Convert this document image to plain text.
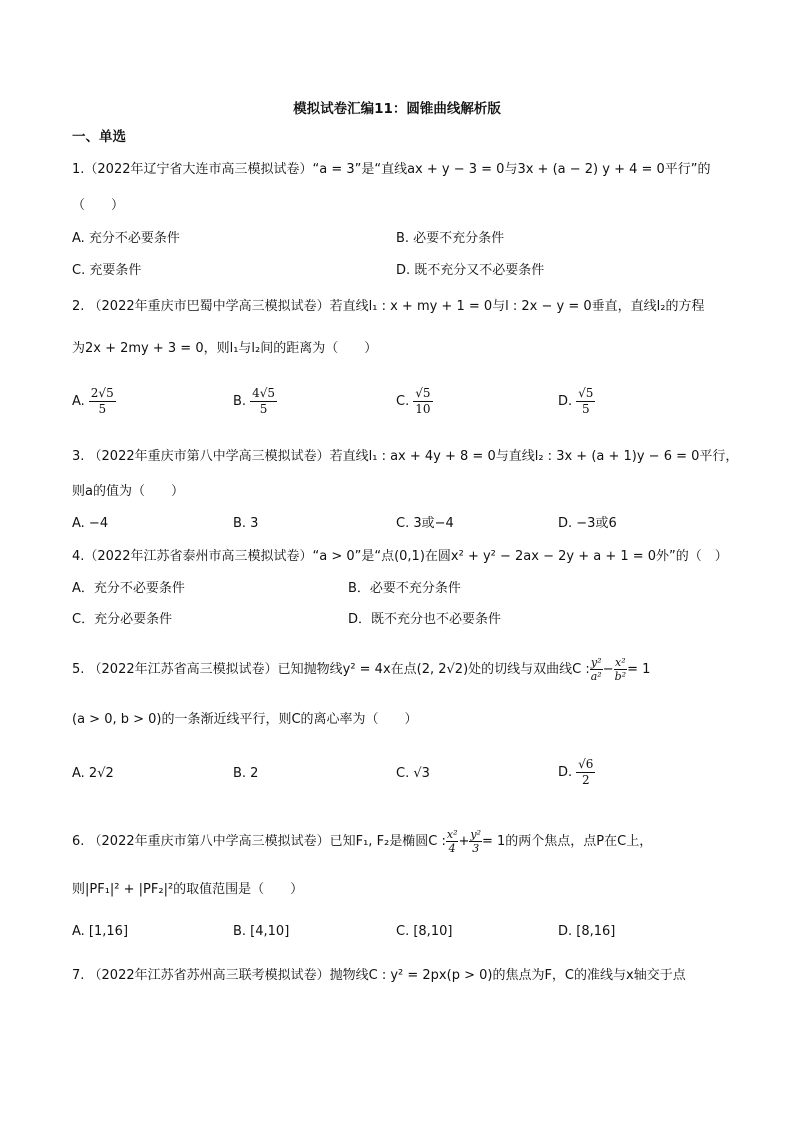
模拟试卷汇编11：圆锥曲线解析版
一、单选
1.（2022年辽宁省大连市高三模拟试卷）“a = 3”是“直线ax + y − 3 = 0与3x + (a − 2) y + 4 = 0平行”的
（　　）
A. 充分不必要条件	B. 必要不充分条件
C. 充要条件	D. 既不充分又不必要条件
2. （2022年重庆市巴蜀中学高三模拟试卷）若直线l₁ : x + my + 1 = 0与l : 2x − y = 0垂直，直线l₂的方程
为2x + 2my + 3 = 0，则l₁与l₂间的距离为（　　）
A. $\frac{2√5}{5}$	B. $\frac{4√5}{5}$	C. $\frac{√5}{10}$	D. $\frac{√5}{5}$
3. （2022年重庆市第八中学高三模拟试卷）若直线l₁ : ax + 4y + 8 = 0与直线l₂ : 3x + (a + 1)y − 6 = 0平行，
则a的值为（　　）
A. −4	B. 3	C. 3或−4	D. −3或6
4.（2022年江苏省泰州市高三模拟试卷）“a > 0”是“点(0,1)在圆x² + y² − 2ax − 2y + a + 1 = 0外”的（　）
A．充分不必要条件	B．必要不充分条件
C．充分必要条件	D．既不充分也不必要条件
5. （2022年江苏省高三模拟试卷）已知抛物线y² = 4x在点(2, 2√2)处的切线与双曲线C : $\frac{\text{y²}}{\text{a²}} - \frac{\text{x²}}{\text{b²}} = 1$
(a > 0, b > 0)的一条渐近线平行，则C的离心率为（　　）
A. 2√2	B. 2	C. √3	D. $\frac{√6}{2}$
6. （2022年重庆市第八中学高三模拟试卷）已知F₁, F₂是椭圆C : $\frac{\text{x²}}{4} + \frac{\text{y²}}{3} = 1$的两个焦点，点P在C上，
则|PF₁|² + |PF₂|²的取值范围是（　　）
A. [1,16]	B. [4,10]	C. [8,10]	D. [8,16]
7. （2022年江苏省苏州高三联考模拟试卷）抛物线C : y² = 2px(p > 0)的焦点为F，C的准线与x轴交于点
